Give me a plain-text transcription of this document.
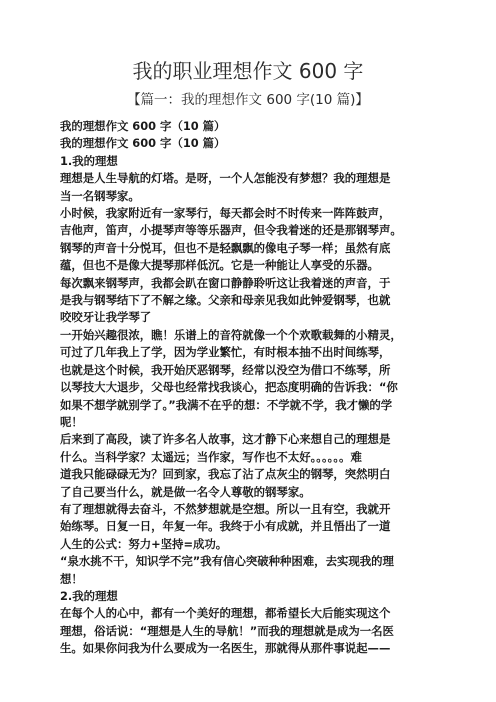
我的职业理想作文 600 字

【篇一：我的理想作文 600 字(10 篇)】

我的理想作文 600 字（10 篇）

我的理想作文 600 字（10 篇）

1.我的理想

理想是人生导航的灯塔。是呀，一个人怎能没有梦想？我的理想是

当一名钢琴家。

小时候，我家附近有一家琴行，每天都会时不时传来一阵阵鼓声，

吉他声，笛声，小提琴声等等乐器声，但令我着迷的还是那钢琴声。

钢琴的声音十分悦耳，但也不是轻飘飘的像电子琴一样；虽然有底

蕴，但也不是像大提琴那样低沉。它是一种能让人享受的乐器。

每次飘来钢琴声，我都会趴在窗口静静聆听这让我着迷的声音，于

是我与钢琴结下了不解之缘。父亲和母亲见我如此钟爱钢琴，也就

咬咬牙让我学琴了

一开始兴趣很浓，瞧！乐谱上的音符就像一个个欢歌载舞的小精灵，

可过了几年我上了学，因为学业繁忙，有时根本抽不出时间练琴，

也就是这个时候，我开始厌恶钢琴，经常以没空为借口不练琴，所

以琴技大大退步，父母也经常找我谈心，把态度明确的告诉我：“你

如果不想学就别学了。”我满不在乎的想：不学就不学，我才懒的学

呢！

后来到了高段，读了许多名人故事，这才静下心来想自己的理想是

什么。当科学家？太遥远；当作家，写作也不太好。。。。。。难

道我只能碌碌无为？回到家，我忘了沾了点灰尘的钢琴，突然明白

了自己要当什么，就是做一名令人尊敬的钢琴家。

有了理想就得去奋斗，不然梦想就是空想。所以一且有空，我就开

始练琴。日复一日，年复一年。我终于小有成就，并且悟出了一道

人生的公式：努力+坚持=成功。

“泉水挑不干，知识学不完”我有信心突破种种困难，去实现我的理

想！

2.我的理想

在每个人的心中，都有一个美好的理想，都希望长大后能实现这个

理想，俗话说：“理想是人生的导航！”而我的理想就是成为一名医

生。如果你问我为什么要成为一名医生，那就得从那件事说起——
